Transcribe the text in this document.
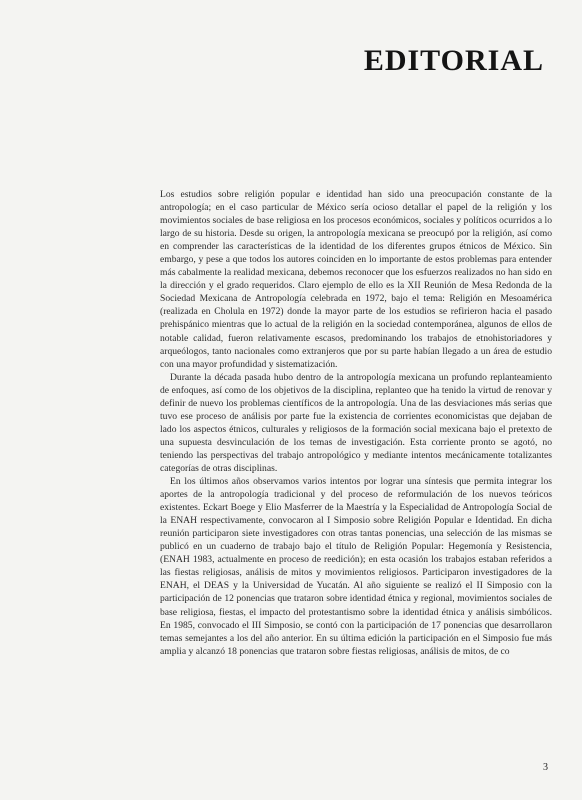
EDITORIAL

Los estudios sobre religión popular e identidad han sido una preocupación constante de la antropología; en el caso particular de México sería ocioso detallar el papel de la religión y los movimientos sociales de base religiosa en los procesos económicos, sociales y políticos ocurridos a lo largo de su historia. Desde su origen, la antropología mexicana se preocupó por la religión, así como en comprender las características de la identidad de los diferentes grupos étnicos de México. Sin embargo, y pese a que todos los autores coinciden en lo importante de estos problemas para entender más cabalmente la realidad mexicana, debemos reconocer que los esfuerzos realizados no han sido en la dirección y el grado requeridos. Claro ejemplo de ello es la XII Reunión de Mesa Redonda de la Sociedad Mexicana de Antropología celebrada en 1972, bajo el tema: Religión en Mesoamérica (realizada en Cholula en 1972) donde la mayor parte de los estudios se refirieron hacia el pasado prehispánico mientras que lo actual de la religión en la sociedad contemporánea, algunos de ellos de notable calidad, fueron relativamente escasos, predominando los trabajos de etnohistoriadores y arqueólogos, tanto nacionales como extranjeros que por su parte habían llegado a un área de estudio con una mayor profundidad y sistematización.

Durante la década pasada hubo dentro de la antropología mexicana un profundo replanteamiento de enfoques, así como de los objetivos de la disciplina, replanteo que ha tenido la virtud de renovar y definir de nuevo los problemas científicos de la antropología. Una de las desviaciones más serias que tuvo ese proceso de análisis por parte fue la existencia de corrientes economicistas que dejaban de lado los aspectos étnicos, culturales y religiosos de la formación social mexicana bajo el pretexto de una supuesta desvinculación de los temas de investigación. Esta corriente pronto se agotó, no teniendo las perspectivas del trabajo antropológico y mediante intentos mecánicamente totalizantes categorías de otras disciplinas.

En los últimos años observamos varios intentos por lograr una síntesis que permita integrar los aportes de la antropología tradicional y del proceso de reformulación de los nuevos teóricos existentes. Eckart Boege y Elio Masferrer de la Maestría y la Especialidad de Antropología Social de la ENAH respectivamente, convocaron al I Simposio sobre Religión Popular e Identidad. En dicha reunión participaron siete investigadores con otras tantas ponencias, una selección de las mismas se publicó en un cuaderno de trabajo bajo el título de Religión Popular: Hegemonía y Resistencia, (ENAH 1983, actualmente en proceso de reedición); en esta ocasión los trabajos estaban referidos a las fiestas religiosas, análisis de mitos y movimientos religiosos. Participaron investigadores de la ENAH, el DEAS y la Universidad de Yucatán. Al año siguiente se realizó el II Simposio con la participación de 12 ponencias que trataron sobre identidad étnica y regional, movimientos sociales de base religiosa, fiestas, el impacto del protestantismo sobre la identidad étnica y análisis simbólicos. En 1985, convocado el III Simposio, se contó con la participación de 17 ponencias que desarrollaron temas semejantes a los del año anterior. En su última edición la participación en el Simposio fue más amplia y alcanzó 18 ponencias que trataron sobre fiestas religiosas, análisis de mitos, de co

3
